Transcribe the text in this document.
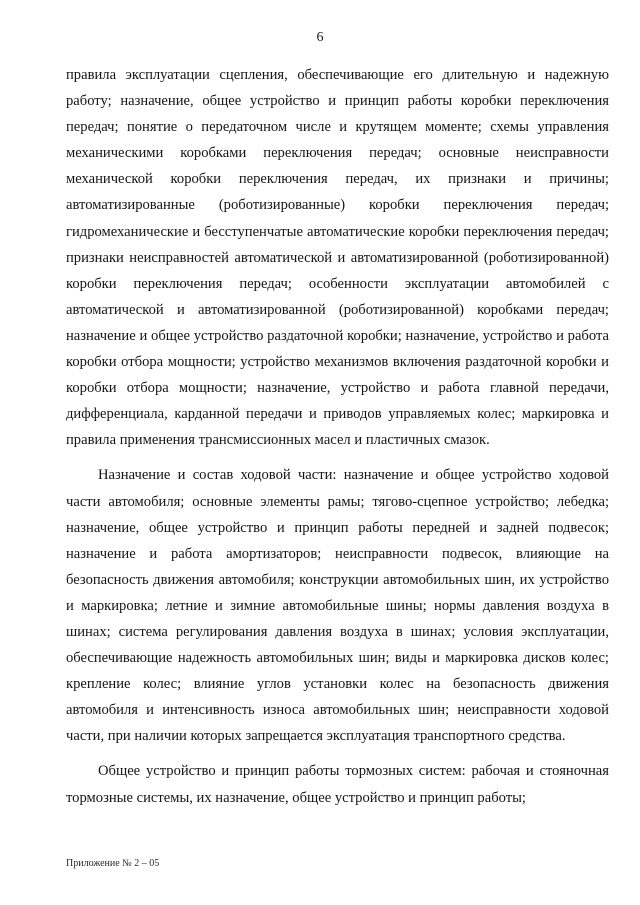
6

правила эксплуатации сцепления, обеспечивающие его длительную и надежную работу; назначение, общее устройство и принцип работы коробки переключения передач; понятие о передаточном числе и крутящем моменте; схемы управления механическими коробками переключения передач; основные неисправности механической коробки переключения передач, их признаки и причины; автоматизированные (роботизированные) коробки переключения передач; гидромеханические и бесступенчатые автоматические коробки переключения передач; признаки неисправностей автоматической и автоматизированной (роботизированной) коробки переключения передач; особенности эксплуатации автомобилей с автоматической и автоматизированной (роботизированной) коробками передач; назначение и общее устройство раздаточной коробки; назначение, устройство и работа коробки отбора мощности; устройство механизмов включения раздаточной коробки и коробки отбора мощности; назначение, устройство и работа главной передачи, дифференциала, карданной передачи и приводов управляемых колес; маркировка и правила применения трансмиссионных масел и пластичных смазок.

Назначение и состав ходовой части: назначение и общее устройство ходовой части автомобиля; основные элементы рамы; тягово-сцепное устройство; лебедка; назначение, общее устройство и принцип работы передней и задней подвесок; назначение и работа амортизаторов; неисправности подвесок, влияющие на безопасность движения автомобиля; конструкции автомобильных шин, их устройство и маркировка; летние и зимние автомобильные шины; нормы давления воздуха в шинах; система регулирования давления воздуха в шинах; условия эксплуатации, обеспечивающие надежность автомобильных шин; виды и маркировка дисков колес; крепление колес; влияние углов установки колес на безопасность движения автомобиля и интенсивность износа автомобильных шин; неисправности ходовой части, при наличии которых запрещается эксплуатация транспортного средства.

Общее устройство и принцип работы тормозных систем: рабочая и стояночная тормозные системы, их назначение, общее устройство и принцип работы;

Приложение № 2 – 05
